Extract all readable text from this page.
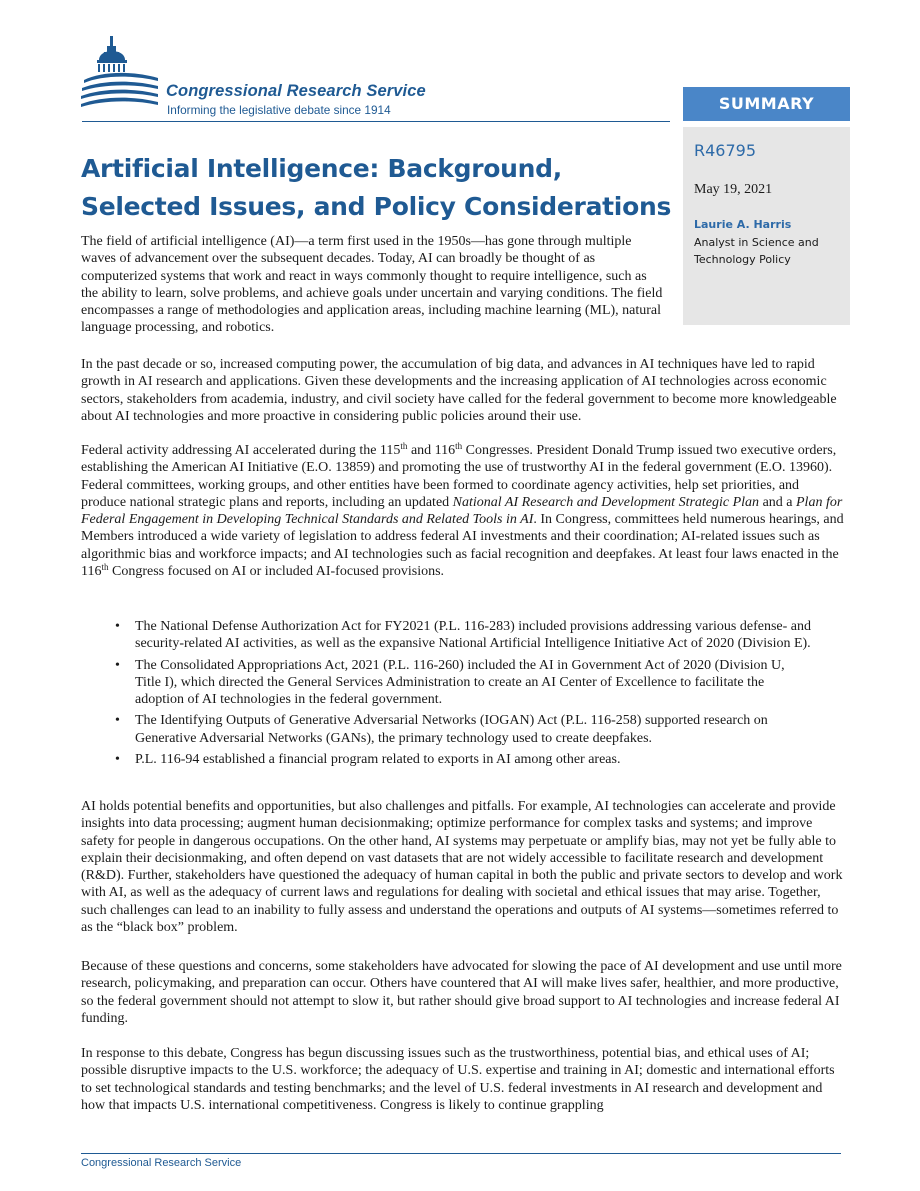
Congressional Research Service
Informing the legislative debate since 1914	SUMMARY
R46795
May 19, 2021
Laurie A. Harris
Analyst in Science and Technology Policy
Artificial Intelligence: Background, Selected Issues, and Policy Considerations

The field of artificial intelligence (AI)—a term first used in the 1950s—has gone through multiple waves of advancement over the subsequent decades. Today, AI can broadly be thought of as computerized systems that work and react in ways commonly thought to require intelligence, such as the ability to learn, solve problems, and achieve goals under uncertain and varying conditions. The field encompasses a range of methodologies and application areas, including machine learning (ML), natural language processing, and robotics.

In the past decade or so, increased computing power, the accumulation of big data, and advances in AI techniques have led to rapid growth in AI research and applications. Given these developments and the increasing application of AI technologies across economic sectors, stakeholders from academia, industry, and civil society have called for the federal government to become more knowledgeable about AI technologies and more proactive in considering public policies around their use.

Federal activity addressing AI accelerated during the 115th and 116th Congresses. President Donald Trump issued two executive orders, establishing the American AI Initiative (E.O. 13859) and promoting the use of trustworthy AI in the federal government (E.O. 13960). Federal committees, working groups, and other entities have been formed to coordinate agency activities, help set priorities, and produce national strategic plans and reports, including an updated National AI Research and Development Strategic Plan and a Plan for Federal Engagement in Developing Technical Standards and Related Tools in AI. In Congress, committees held numerous hearings, and Members introduced a wide variety of legislation to address federal AI investments and their coordination; AI-related issues such as algorithmic bias and workforce impacts; and AI technologies such as facial recognition and deepfakes. At least four laws enacted in the 116th Congress focused on AI or included AI-focused provisions.

• The National Defense Authorization Act for FY2021 (P.L. 116-283) included provisions addressing various defense- and security-related AI activities, as well as the expansive National Artificial Intelligence Initiative Act of 2020 (Division E).
• The Consolidated Appropriations Act, 2021 (P.L. 116-260) included the AI in Government Act of 2020 (Division U, Title I), which directed the General Services Administration to create an AI Center of Excellence to facilitate the adoption of AI technologies in the federal government.
• The Identifying Outputs of Generative Adversarial Networks (IOGAN) Act (P.L. 116-258) supported research on Generative Adversarial Networks (GANs), the primary technology used to create deepfakes.
• P.L. 116-94 established a financial program related to exports in AI among other areas.

AI holds potential benefits and opportunities, but also challenges and pitfalls. For example, AI technologies can accelerate and provide insights into data processing; augment human decisionmaking; optimize performance for complex tasks and systems; and improve safety for people in dangerous occupations. On the other hand, AI systems may perpetuate or amplify bias, may not yet be fully able to explain their decisionmaking, and often depend on vast datasets that are not widely accessible to facilitate research and development (R&D). Further, stakeholders have questioned the adequacy of human capital in both the public and private sectors to develop and work with AI, as well as the adequacy of current laws and regulations for dealing with societal and ethical issues that may arise. Together, such challenges can lead to an inability to fully assess and understand the operations and outputs of AI systems—sometimes referred to as the “black box” problem.

Because of these questions and concerns, some stakeholders have advocated for slowing the pace of AI development and use until more research, policymaking, and preparation can occur. Others have countered that AI will make lives safer, healthier, and more productive, so the federal government should not attempt to slow it, but rather should give broad support to AI technologies and increase federal AI funding.

In response to this debate, Congress has begun discussing issues such as the trustworthiness, potential bias, and ethical uses of AI; possible disruptive impacts to the U.S. workforce; the adequacy of U.S. expertise and training in AI; domestic and international efforts to set technological standards and testing benchmarks; and the level of U.S. federal investments in AI research and development and how that impacts U.S. international competitiveness. Congress is likely to continue grappling

Congressional Research Service
